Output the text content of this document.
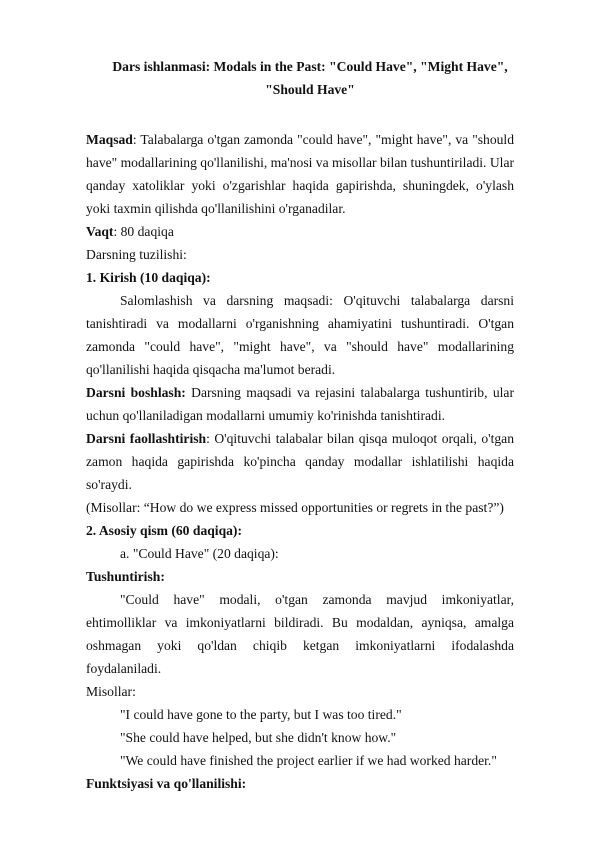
Dars ishlanmasi: Modals in the Past: "Could Have", "Might Have", "Should Have"

Maqsad: Talabalarga o'tgan zamonda "could have", "might have", va "should have" modallarining qo'llanilishi, ma'nosi va misollar bilan tushuntiriladi. Ular qanday xatoliklar yoki o'zgarishlar haqida gapirishda, shuningdek, o'ylash yoki taxmin qilishda qo'llanilishini o'rganadilar.

Vaqt: 80 daqiqa

Darsning tuzilishi:

1. Kirish (10 daqiqa):

Salomlashish va darsning maqsadi: O'qituvchi talabalarga darsni tanishtiradi va modallarni o'rganishning ahamiyatini tushuntiradi. O'tgan zamonda "could have", "might have", va "should have" modallarining qo'llanilishi haqida qisqacha ma'lumot beradi.

Darsni boshlash: Darsning maqsadi va rejasini talabalarga tushuntirib, ular uchun qo'llaniladigan modallarni umumiy ko'rinishda tanishtiradi.

Darsni faollashtirish: O'qituvchi talabalar bilan qisqa muloqot orqali, o'tgan zamon haqida gapirishda ko'pincha qanday modallar ishlatilishi haqida so'raydi.

(Misollar: “How do we express missed opportunities or regrets in the past?”)

2. Asosiy qism (60 daqiqa):

a. "Could Have" (20 daqiqa):

Tushuntirish:

"Could have" modali, o'tgan zamonda mavjud imkoniyatlar, ehtimolliklar va imkoniyatlarni bildiradi. Bu modaldan, ayniqsa, amalga oshmagan yoki qo'ldan chiqib ketgan imkoniyatlarni ifodalashda foydalaniladi.

Misollar:

"I could have gone to the party, but I was too tired."

"She could have helped, but she didn't know how."

"We could have finished the project earlier if we had worked harder."

Funktsiyasi va qo'llanilishi:
